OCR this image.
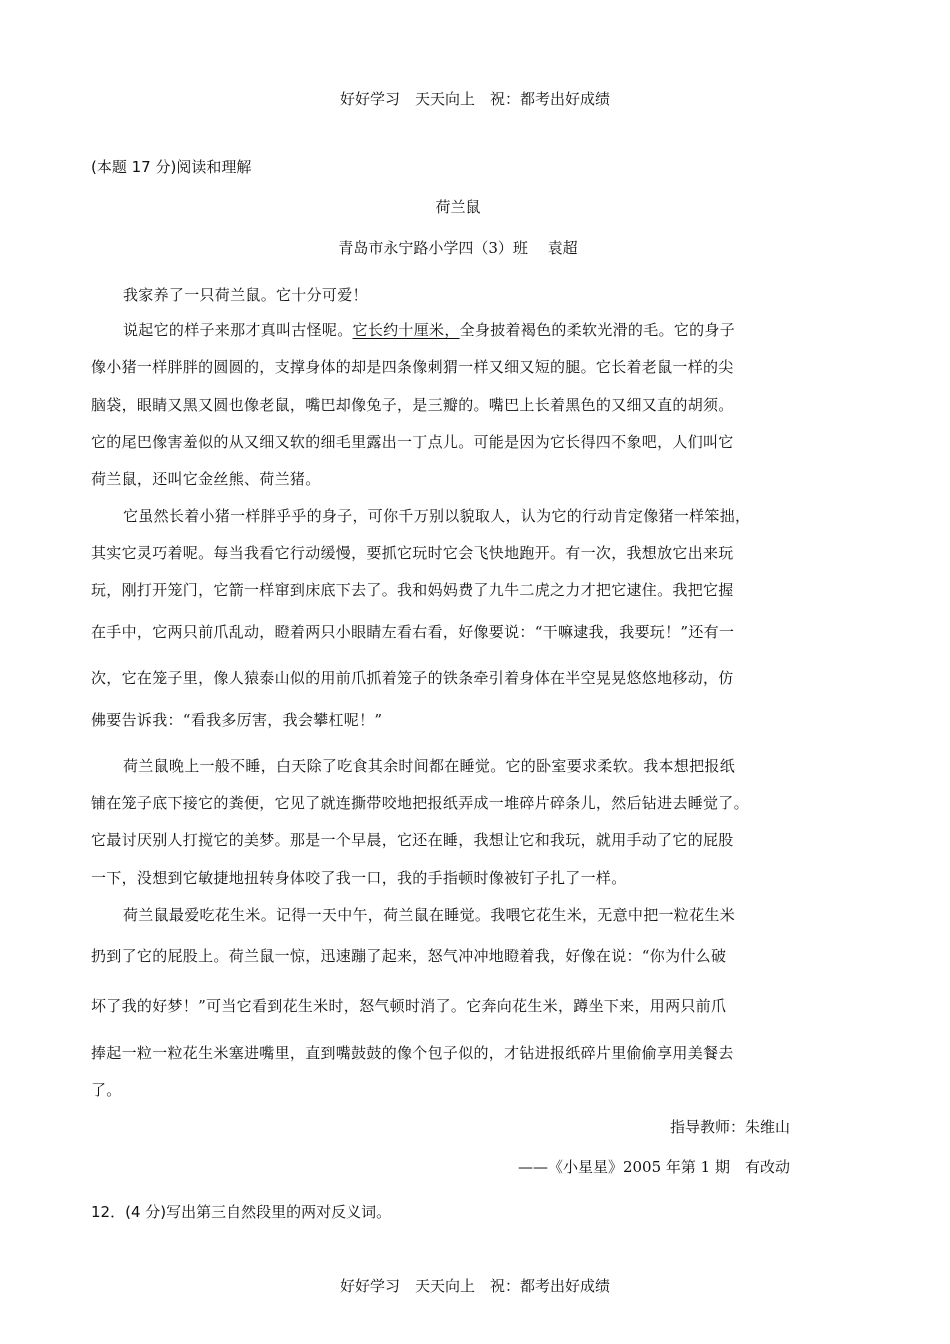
好好学习　天天向上　祝：都考出好成绩
(本题 17 分)阅读和理解
荷兰鼠
青岛市永宁路小学四（3）班　 袁超
我家养了一只荷兰鼠。它十分可爱！
说起它的样子来那才真叫古怪呢。它长约十厘米，全身披着褐色的柔软光滑的毛。它的身子
像小猪一样胖胖的圆圆的，支撑身体的却是四条像刺猬一样又细又短的腿。它长着老鼠一样的尖
脑袋，眼睛又黑又圆也像老鼠，嘴巴却像兔子，是三瓣的。嘴巴上长着黑色的又细又直的胡须。
它的尾巴像害羞似的从又细又软的细毛里露出一丁点儿。可能是因为它长得四不象吧，人们叫它
荷兰鼠，还叫它金丝熊、荷兰猪。
它虽然长着小猪一样胖乎乎的身子，可你千万别以貌取人，认为它的行动肯定像猪一样笨拙，
其实它灵巧着呢。每当我看它行动缓慢，要抓它玩时它会飞快地跑开。有一次，我想放它出来玩
玩，刚打开笼门，它箭一样窜到床底下去了。我和妈妈费了九牛二虎之力才把它逮住。我把它握
在手中，它两只前爪乱动，瞪着两只小眼睛左看右看，好像要说：“干嘛逮我，我要玩！”还有一
次，它在笼子里，像人猿泰山似的用前爪抓着笼子的铁条牵引着身体在半空晃晃悠悠地移动，仿
佛要告诉我：“看我多厉害，我会攀杠呢！”
荷兰鼠晚上一般不睡，白天除了吃食其余时间都在睡觉。它的卧室要求柔软。我本想把报纸
铺在笼子底下接它的粪便，它见了就连撕带咬地把报纸弄成一堆碎片碎条儿，然后钻进去睡觉了。
它最讨厌别人打搅它的美梦。那是一个早晨，它还在睡，我想让它和我玩，就用手动了它的屁股
一下，没想到它敏捷地扭转身体咬了我一口，我的手指顿时像被钉子扎了一样。
荷兰鼠最爱吃花生米。记得一天中午，荷兰鼠在睡觉。我喂它花生米，无意中把一粒花生米
扔到了它的屁股上。荷兰鼠一惊，迅速蹦了起来，怒气冲冲地瞪着我，好像在说：“你为什么破
坏了我的好梦！”可当它看到花生米时，怒气顿时消了。它奔向花生米，蹲坐下来，用两只前爪
捧起一粒一粒花生米塞进嘴里，直到嘴鼓鼓的像个包子似的，才钻进报纸碎片里偷偷享用美餐去
了。
指导教师：朱维山
——《小星星》2005 年第 1 期　有改动
12．(4 分)写出第三自然段里的两对反义词。
好好学习　天天向上　祝：都考出好成绩
